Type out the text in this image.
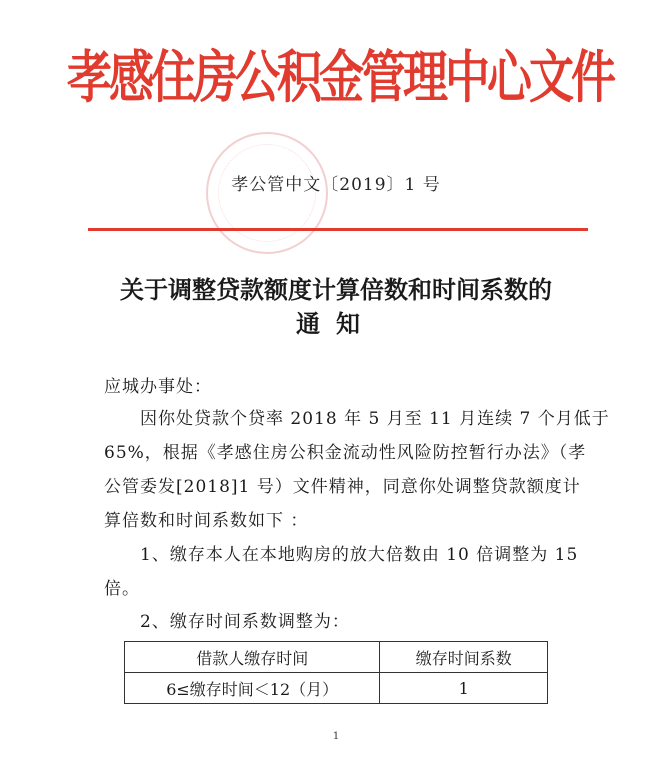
孝感住房公积金管理中心文件
孝公管中文〔2019〕1 号
关于调整贷款额度计算倍数和时间系数的
通知
应城办事处：
因你处贷款个贷率 2018 年 5 月至 11 月连续 7 个月低于
65%，根据《孝感住房公积金流动性风险防控暂行办法》（孝
公管委发[2018]1 号）文件精神，同意你处调整贷款额度计
算倍数和时间系数如下 ：
1、缴存本人在本地购房的放大倍数由 10 倍调整为 15
倍。
2、缴存时间系数调整为：
借款人缴存时间	缴存时间系数
6≤缴存时间＜12（月）	1
1
